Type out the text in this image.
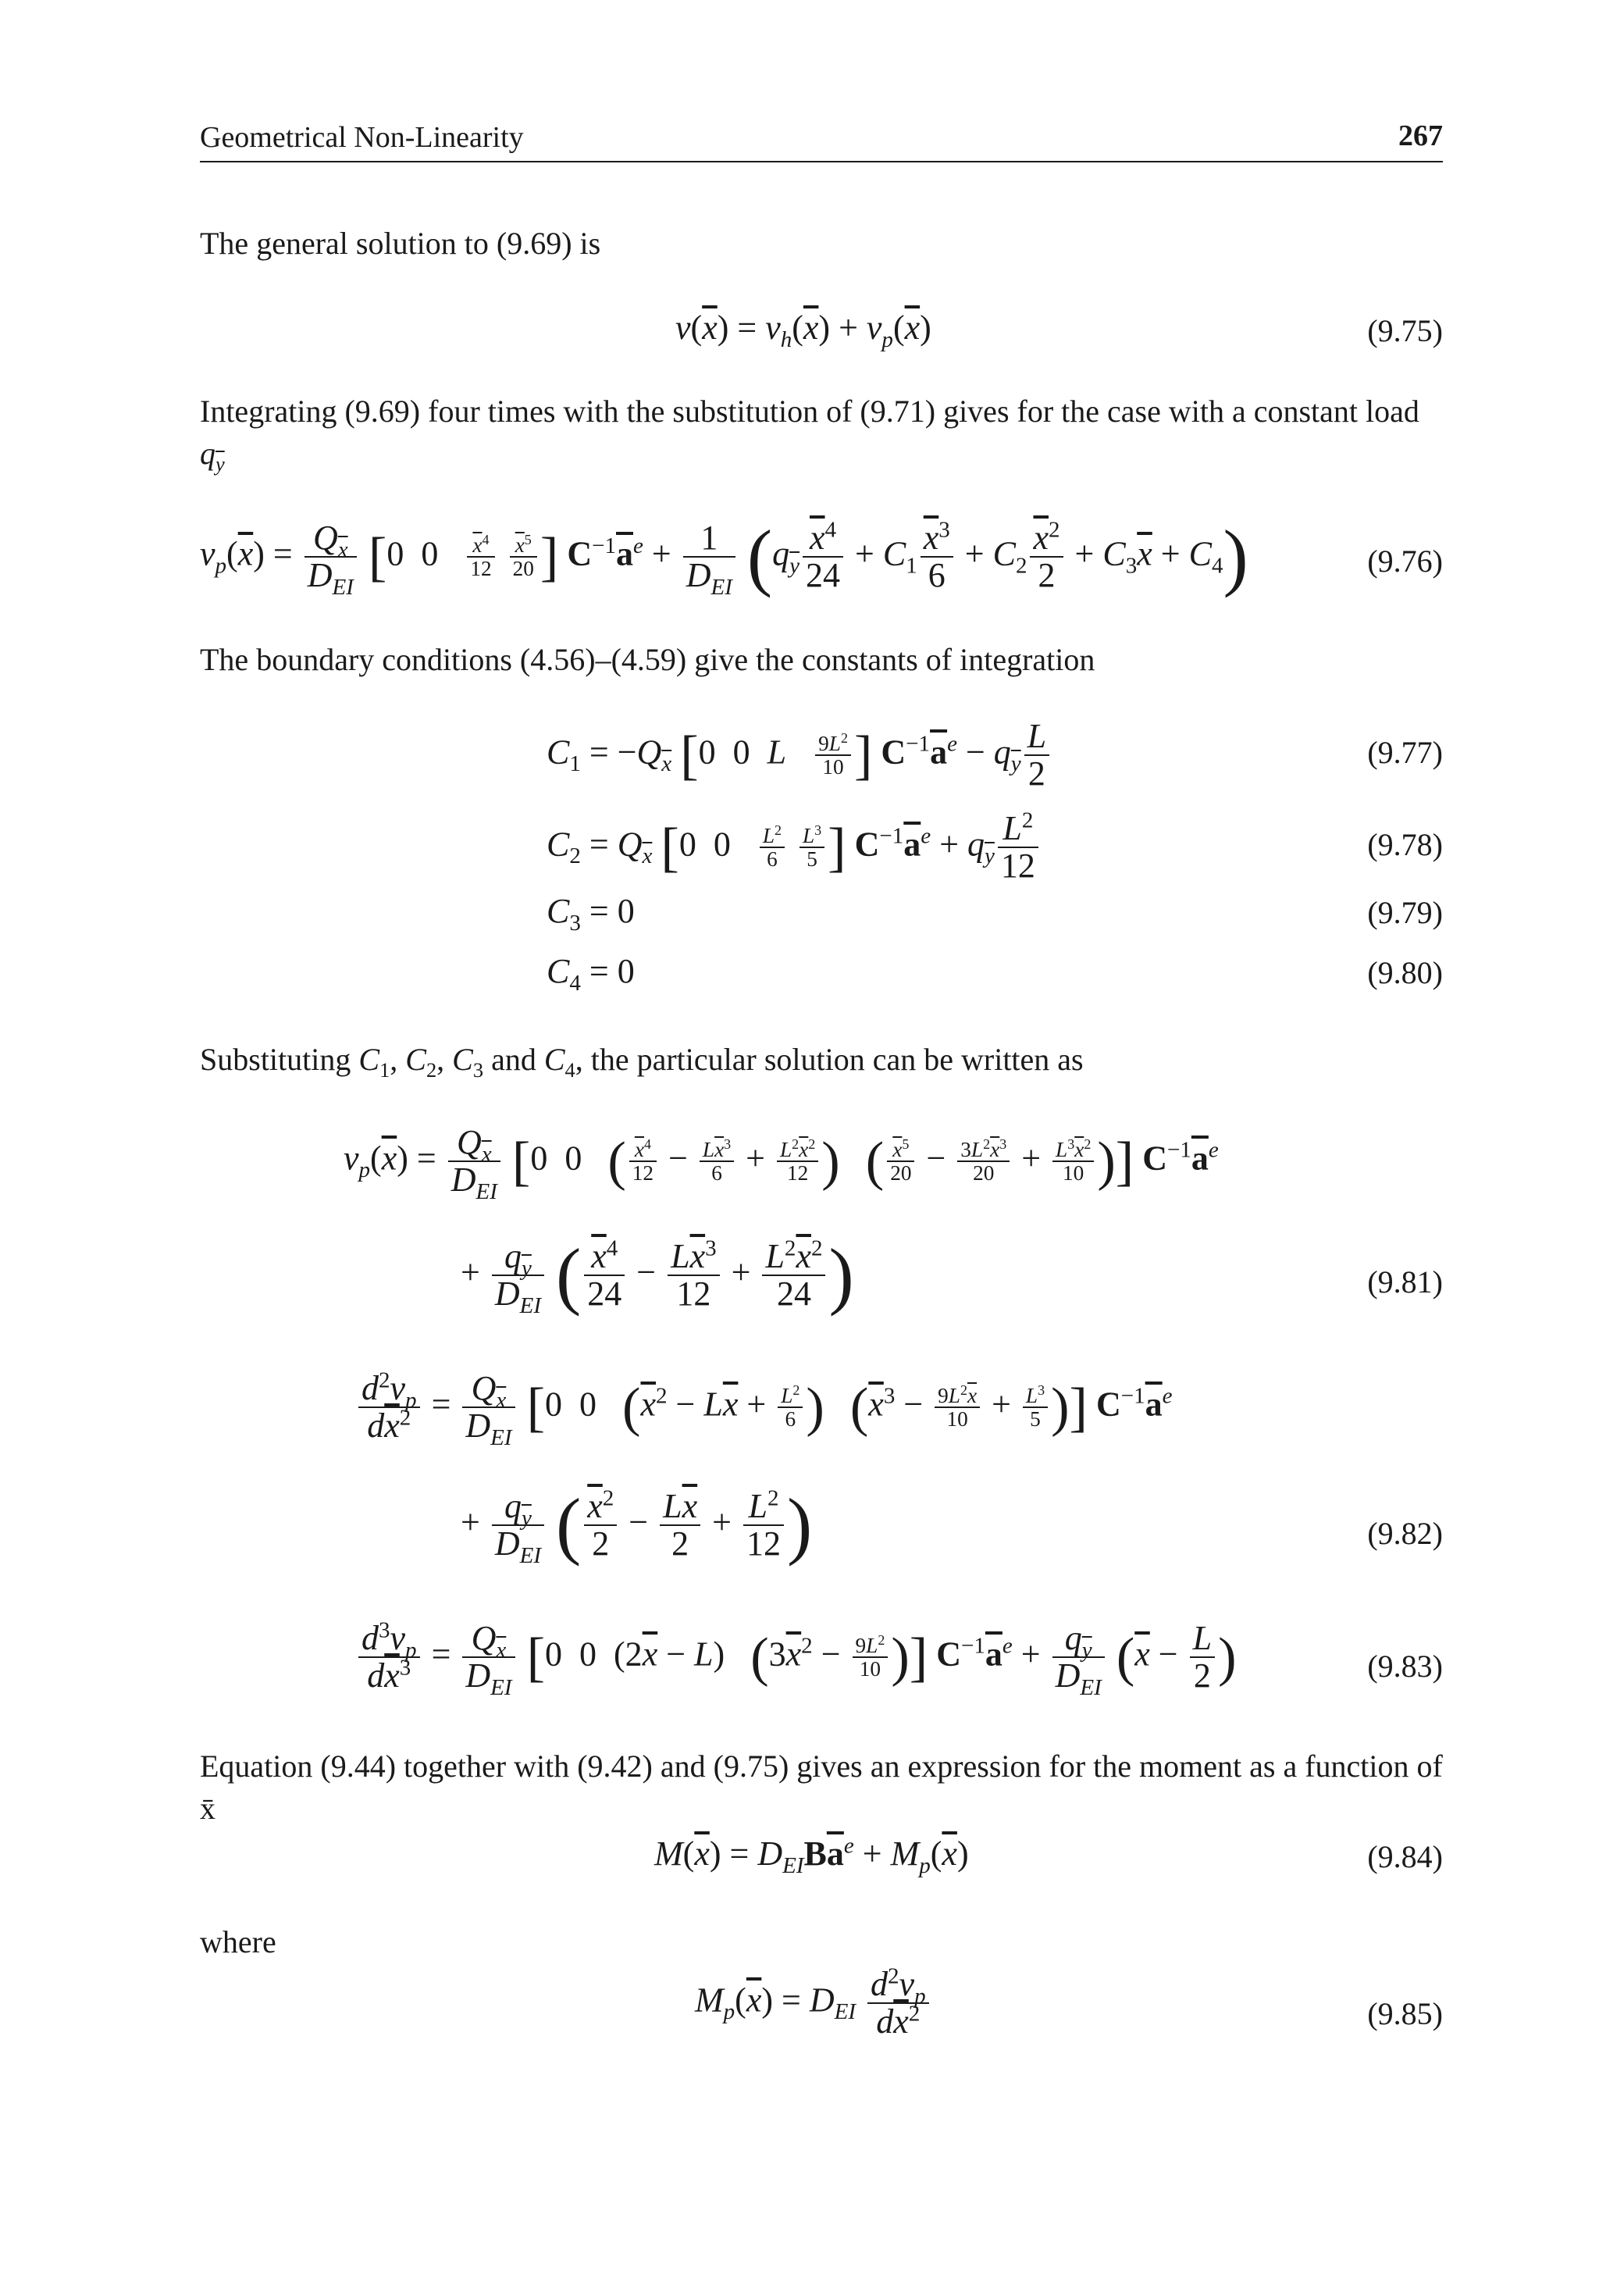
Geometrical Non-Linearity	267
The general solution to (9.69) is
$v(\overline{x}) = v_h(\overline{x}) + v_p(\overline{x})$	(9.75)
Integrating (9.69) four times with the substitution of (9.71) gives for the case with a constant load $q_{\overline{y}}$
$v_p(\overline{x}) = \frac{Q_{\overline{x}}}{D_{EI}} [0$ $0 \frac{\overline{x}^4}{12}$
$\frac{\overline{x}^5}{20}$ ] $C^{-1}\overline{a}^e + \frac{1}{D_{EI}} (q_{\overline{y}} \frac{\overline{x}^4}{24} + C_1 \frac{\overline{x}^3}{6} + C_2 \frac{\overline{x}^2}{2} + C_3\overline{x} + C_4)$	(9.76)
The boundary conditions (4.56)–(4.59) give the constants of integration
$C_1 = -Q_{\overline{x}}$ [0 0 L $\frac{9L^2}{10}$ ] $C^{-1}\overline{a}^e - q_{\overline{y}} \frac{L}{2}$	(9.77)
$C_2 = Q_{\overline{x}}$ [0 $0 \frac{L^2}{6}$
$\frac{L^3}{5}$ ] $C^{-1}\overline{a}^e + q_{\overline{y}} \frac{L^2}{12}$	(9.78)
$C_3 = 0$	(9.79)
$C_4 = 0$	(9.80)
Substituting $C_1$, $C_2$, $C_3$ and $C_4$, the particular solution can be written as
$v_p(\overline{x}) = \frac{Q_{\overline{x}}}{D_{EI}} [0$ 0 ( $\frac{\overline{x}^4}{12} - \frac{L\overline{x}^3}{6} + \frac{L^2\overline{x}^2}{12}$ ) ( $\frac{\overline{x}^5}{20} - \frac{3L^2\overline{x}^3}{20} + \frac{L^3\overline{x}^2}{10}$ )] $C^{-1}\overline{a}^e$
+ $\frac{q_{\overline{y}}}{D_{EI}}$ ( $\frac{\overline{x}^4}{24} - \frac{L\overline{x}^3}{12} + \frac{L^2\overline{x}^2}{24}$ )	(9.81)
$\frac{d^2v_p}{d\overline{x}^2} = \frac{Q_{\overline{x}}}{D_{EI}} [0$ 0 ($\overline{x}^2 - L\overline{x} + \frac{L^2}{6}$ ) ($\overline{x}^3 - \frac{9L^2\overline{x}}{10} + \frac{L^3}{5}$ )] $C^{-1}\overline{a}^e$
+ $\frac{q_{\overline{y}}}{D_{EI}}$ ( $\frac{\overline{x}^2}{2} - \frac{L\overline{x}}{2} + \frac{L^2}{12}$ )	(9.82)
$\frac{d^3v_p}{d\overline{x}^3} = \frac{Q_{\overline{x}}}{D_{EI}} [0$ 0 $(2\overline{x} - L) (3\overline{x}^2 - \frac{9L^2}{10}$ )] $C^{-1}\overline{a}^e + \frac{q_{\overline{y}}}{D_{EI}} (\overline{x} - \frac{L}{2}$ )	(9.83)
Equation (9.44) together with (9.42) and (9.75) gives an expression for the moment as a function of x̄
$M(\overline{x}) = D_{EI}B\overline{a}^e + M_p(\overline{x})$	(9.84)
where
$M_p(\overline{x}) = D_{EI} \frac{d^2v_p}{d\overline{x}^2}$	(9.85)
